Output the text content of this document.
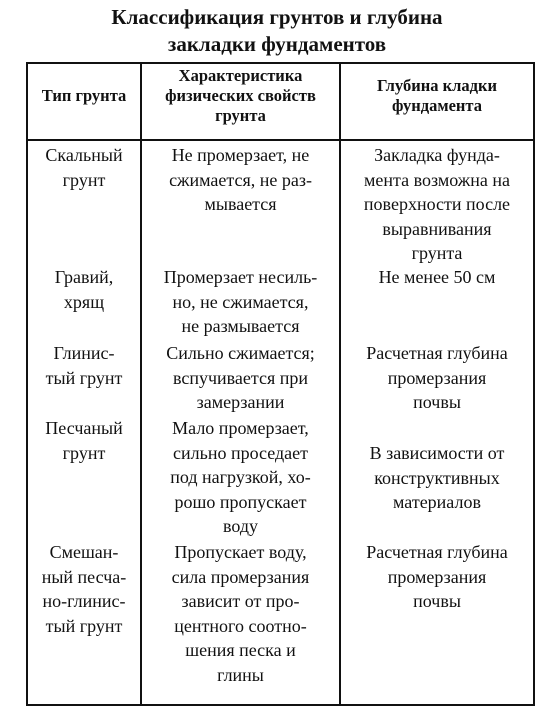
Классификация грунтов и глубина
закладки фундаментов
Тип грунта
Характеристика
физических свойств
грунта
Глубина кладки
фундамента
Скальный
грунт
Не промерзает, не
сжимается, не раз-
мывается
Закладка фунда-
мента возможна на
поверхности после
выравнивания
грунта
Гравий,
хрящ
Промерзает несиль-
но, не сжимается,
не размывается
Не менее 50 см
Глинис-
тый грунт
Сильно сжимается;
вспучивается при
замерзании
Расчетная глубина
промерзания
почвы
Песчаный
грунт
Мало промерзает,
сильно проседает
под нагрузкой, хо-
рошо пропускает
воду
В зависимости от
конструктивных
материалов
Смешан-
ный песча-
но-глинис-
тый грунт
Пропускает воду,
сила промерзания
зависит от про-
центного соотно-
шения песка и
глины
Расчетная глубина
промерзания
почвы
